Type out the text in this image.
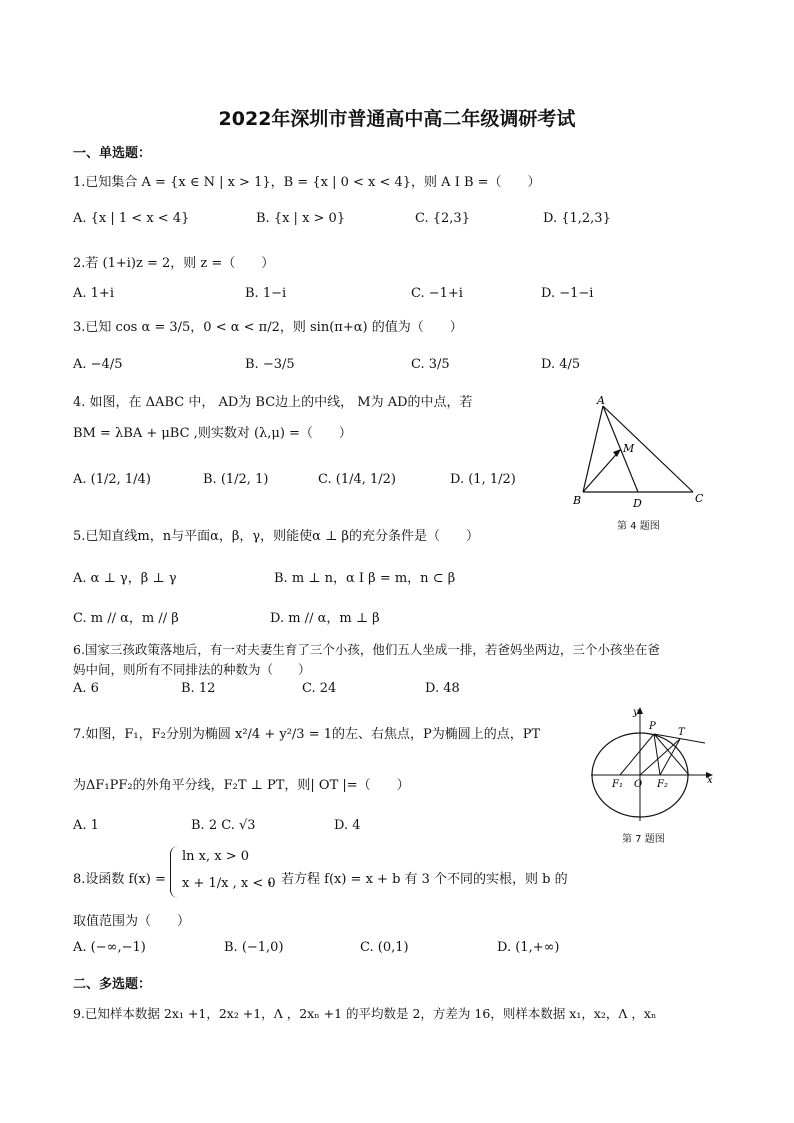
2022年深圳市普通高中高二年级调研考试
一、单选题：
1.已知集合 A = {x ∈ N | x > 1}，B = {x | 0 < x < 4}，则 A I B =（　　）
A. {x | 1 < x < 4}	B. {x | x > 0}	C. {2,3}	D. {1,2,3}
2.若 (1+i)z = 2，则 z =（　　）
A. 1+i	B. 1−i	C. −1+i	D. −1−i
3.已知 cos α = 3/5，0 < α < π/2，则 sin(π+α) 的值为（　　）
A. −4/5	B. −3/5	C. 3/5	D. 4/5
4. 如图，在 ΔABC 中， AD为 BC边上的中线， M为 AD的中点，若
BM = λBA + μBC ,则实数对 (λ,μ) =（　　）
A. (1/2, 1/4)	B. (1/2, 1)	C. (1/4, 1/2)	D. (1, 1/2)
A
B	C
D
M
第 4 题图
5.已知直线m，n与平面α，β，γ，则能使α ⊥ β的充分条件是（　　）
A. α ⊥ γ，β ⊥ γ	B. m ⊥ n，α I β = m，n ⊂ β
C. m // α，m // β	D. m // α，m ⊥ β
6.国家三孩政策落地后，有一对夫妻生育了三个小孩，他们五人坐成一排，若爸妈坐两边，三个小孩坐在爸
妈中间，则所有不同排法的种数为（　　）
A. 6	B. 12	C. 24	D. 48
7.如图，F₁，F₂分别为椭圆 x²/4 + y²/3 = 1的左、右焦点，P为椭圆上的点，PT
为ΔF₁PF₂的外角平分线，F₂T ⊥ PT，则| OT |=（　　）
A. 1	B. 2 C. √3	D. 4
y
x
P
T
O
F₁	F₂
第 7 题图
8.设函数 f(x) =
ln x, x > 0
x + 1/x , x < 0
，若方程 f(x) = x + b 有 3 个不同的实根，则 b 的
取值范围为（　　）
A. (−∞,−1)	B. (−1,0)	C. (0,1)	D. (1,+∞)
二、多选题：
9.已知样本数据 2x₁ +1，2x₂ +1，Λ ，2xₙ +1 的平均数是 2，方差为 16，则样本数据 x₁，x₂，Λ ，xₙ
